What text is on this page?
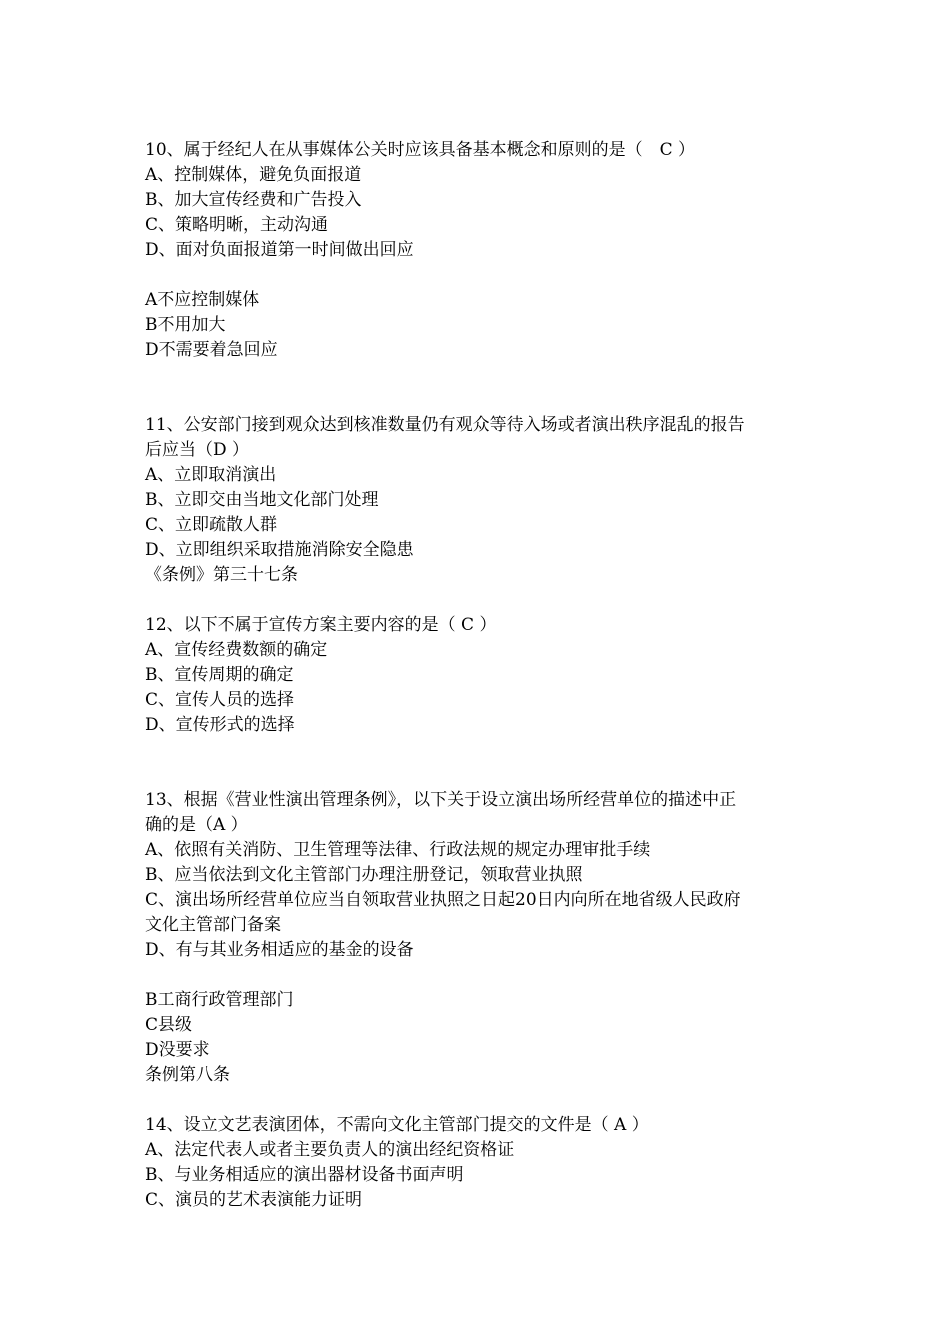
10、属于经纪人在从事媒体公关时应该具备基本概念和原则的是（　C ）
A、控制媒体，避免负面报道
B、加大宣传经费和广告投入
C、策略明晰，主动沟通
D、面对负面报道第一时间做出回应
A不应控制媒体
B不用加大
D不需要着急回应
11、公安部门接到观众达到核准数量仍有观众等待入场或者演出秩序混乱的报告
后应当（D ）
A、立即取消演出
B、立即交由当地文化部门处理
C、立即疏散人群
D、立即组织采取措施消除安全隐患
《条例》第三十七条
12、以下不属于宣传方案主要内容的是（ C ）
A、宣传经费数额的确定
B、宣传周期的确定
C、宣传人员的选择
D、宣传形式的选择
13、根据《营业性演出管理条例》，以下关于设立演出场所经营单位的描述中正
确的是（A ）
A、依照有关消防、卫生管理等法律、行政法规的规定办理审批手续
B、应当依法到文化主管部门办理注册登记，领取营业执照
C、演出场所经营单位应当自领取营业执照之日起20日内向所在地省级人民政府
文化主管部门备案
D、有与其业务相适应的基金的设备
B工商行政管理部门
C县级
D没要求
条例第八条
14、设立文艺表演团体，不需向文化主管部门提交的文件是（ A ）
A、法定代表人或者主要负责人的演出经纪资格证
B、与业务相适应的演出器材设备书面声明
C、演员的艺术表演能力证明
